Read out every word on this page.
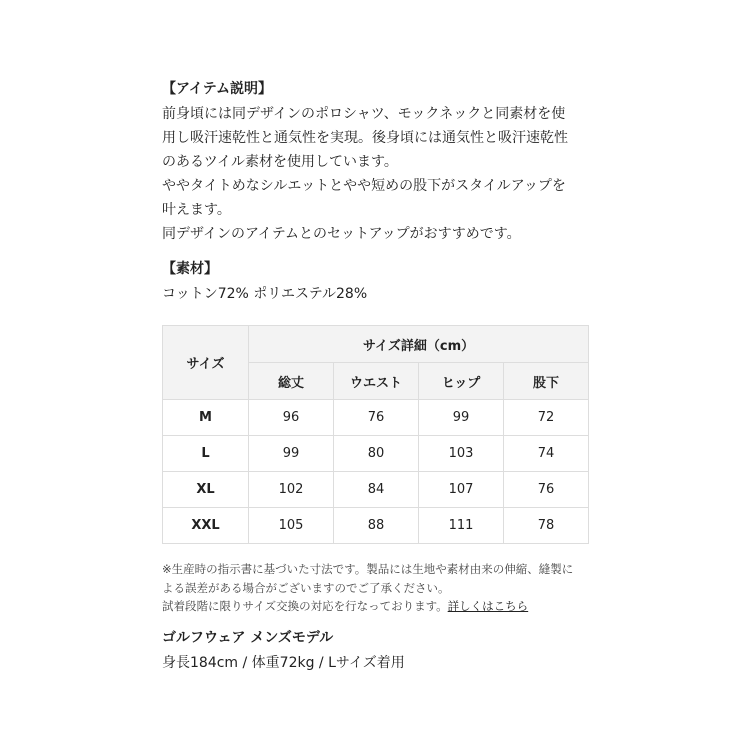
【アイテム説明】

前身頃には同デザインのポロシャツ、モックネックと同素材を使

用し吸汗速乾性と通気性を実現。後身頃には通気性と吸汗速乾性

のあるツイル素材を使用しています。

ややタイトめなシルエットとやや短めの股下がスタイルアップを

叶えます。

同デザインのアイテムとのセットアップがおすすめです。

【素材】

コットン72% ポリエステル28%

サイズ	サイズ詳細（cm）			
	総丈	ウエスト	ヒップ	股下
M	96	76	99	72
L	99	80	103	74
XL	102	84	107	76
XXL	105	88	111	78
※生産時の指示書に基づいた寸法です。製品には生地や素材由来の伸縮、縫製に
よる誤差がある場合がございますのでご了承ください。
試着段階に限りサイズ交換の対応を行なっております。詳しくはこちら

ゴルフウェア メンズモデル

身長184cm / 体重72kg / Lサイズ着用
